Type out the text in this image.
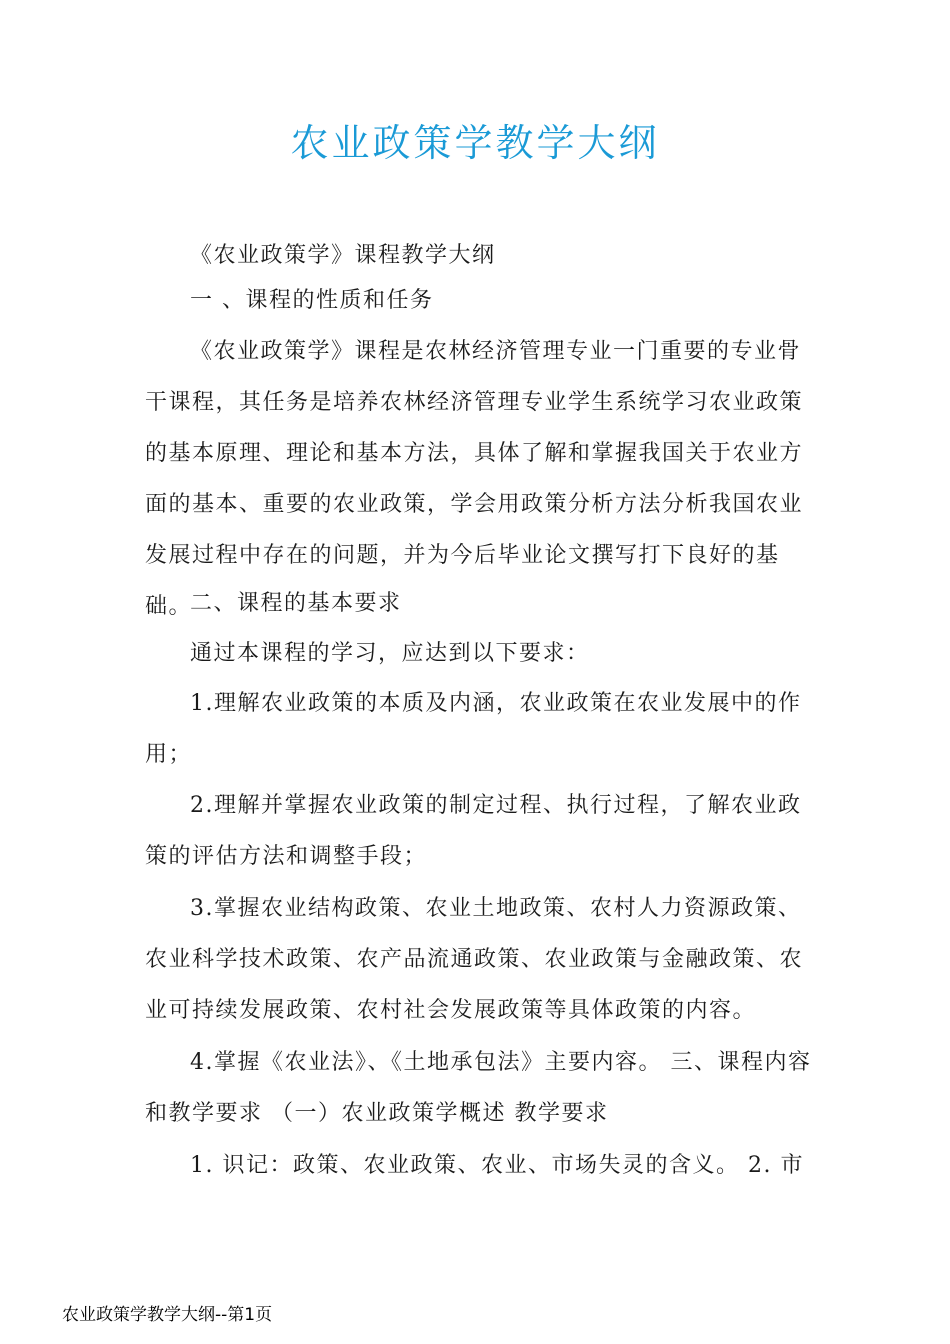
农业政策学教学大纲

《农业政策学》课程教学大纲

一 、课程的性质和任务

《农业政策学》课程是农林经济管理专业一门重要的专业骨干课程，其任务是培养农林经济管理专业学生系统学习农业政策的基本原理、理论和基本方法，具体了解和掌握我国关于农业方面的基本、重要的农业政策，学会用政策分析方法分析我国农业发展过程中存在的问题，并为今后毕业论文撰写打下良好的基础。

二、课程的基本要求

通过本课程的学习，应达到以下要求：

1.理解农业政策的本质及内涵，农业政策在农业发展中的作用；

2.理解并掌握农业政策的制定过程、执行过程，了解农业政策的评估方法和调整手段；

3.掌握农业结构政策、农业土地政策、农村人力资源政策、农业科学技术政策、农产品流通政策、农业政策与金融政策、农业可持续发展政策、农村社会发展政策等具体政策的内容。

4.掌握《农业法》、《土地承包法》主要内容。 三、课程内容和教学要求 （一）农业政策学概述 教学要求

1. 识记：政策、农业政策、农业、市场失灵的含义。 2. 市

农业政策学教学大纲--第1页
